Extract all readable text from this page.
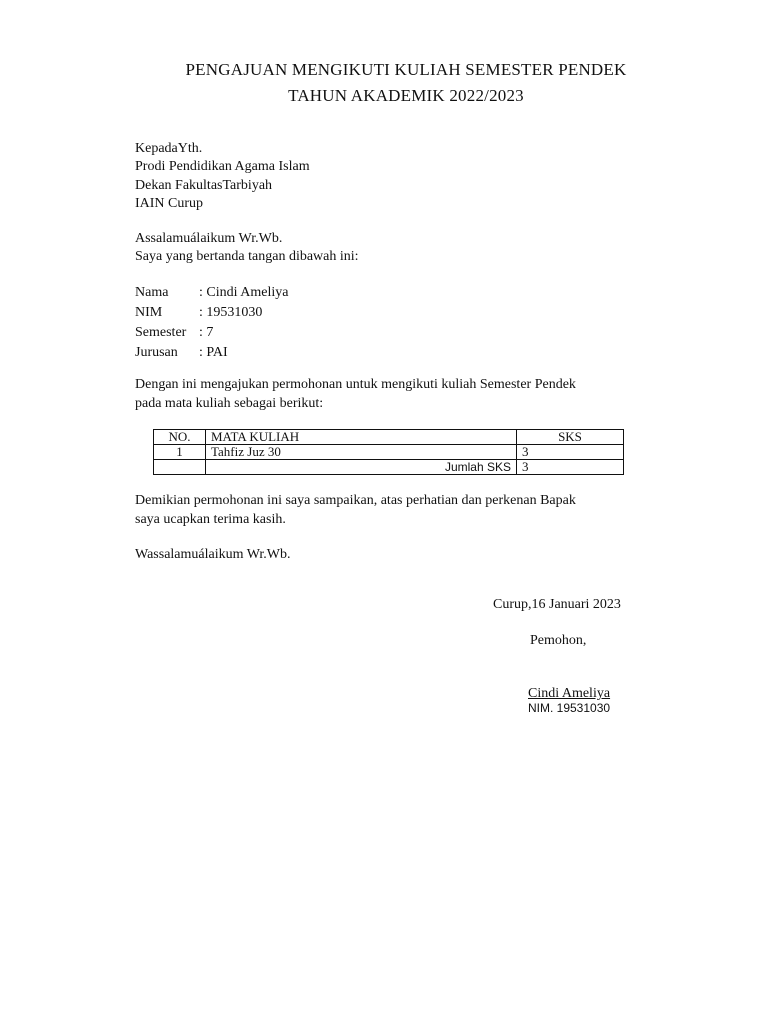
PENGAJUAN MENGIKUTI KULIAH SEMESTER PENDEK
TAHUN AKADEMIK 2022/2023
KepadaYth.
Prodi Pendidikan Agama Islam
Dekan FakultasTarbiyah
IAIN Curup
Assalamuálaikum Wr.Wb.
Saya yang bertanda tangan dibawah ini:
Nama : Cindi Ameliya
NIM	: 19531030
Semester : 7
Jurusan : PAI
Dengan ini mengajukan permohonan untuk mengikuti kuliah Semester Pendek
pada mata kuliah sebagai berikut:
NO.	MATA KULIAH	SKS
1	Tahfiz Juz 30	3
	Jumlah SKS	3
Demikian permohonan ini saya sampaikan, atas perhatian dan perkenan Bapak
saya ucapkan terima kasih.
Wassalamuálaikum Wr.Wb.
Curup,16 Januari 2023
Pemohon,
Cindi Ameliya
NIM. 19531030
